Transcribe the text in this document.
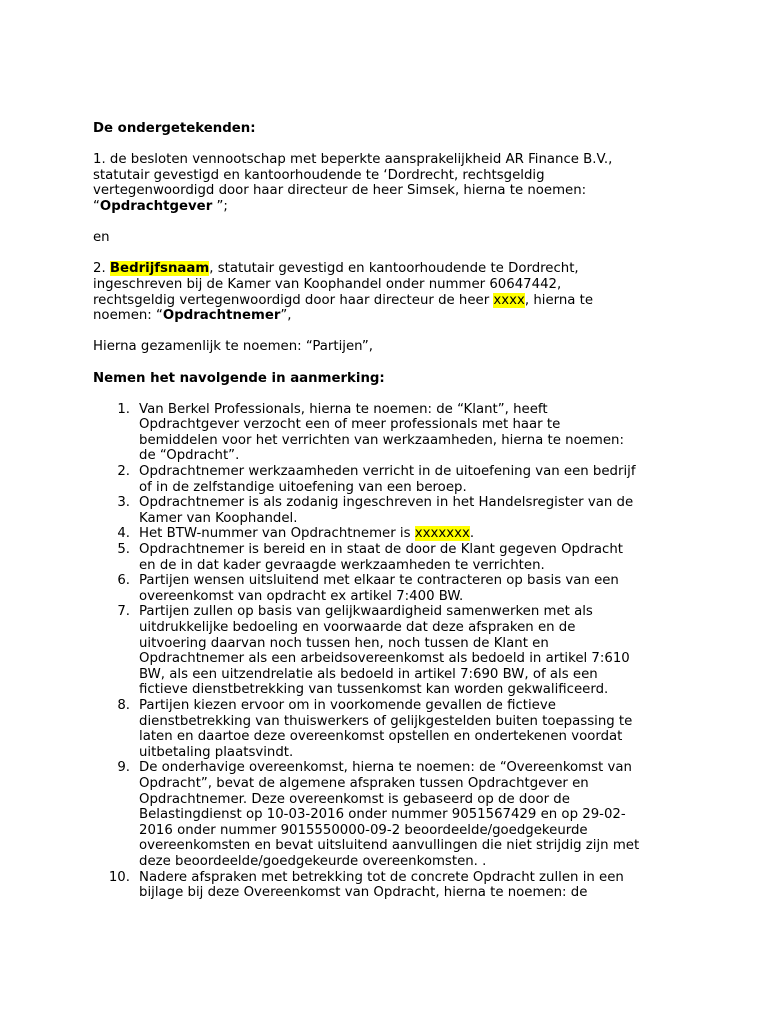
De ondergetekenden:

1. de besloten vennootschap met beperkte aansprakelijkheid AR Finance B.V.,
statutair gevestigd en kantoorhoudende te ‘Dordrecht, rechtsgeldig
vertegenwoordigd door haar directeur de heer Simsek, hierna te noemen:
“Opdrachtgever ”;

en

2. Bedrijfsnaam, statutair gevestigd en kantoorhoudende te Dordrecht,
ingeschreven bij de Kamer van Koophandel onder nummer 60647442,
rechtsgeldig vertegenwoordigd door haar directeur de heer xxxx, hierna te
noemen: “Opdrachtnemer”,

Hierna gezamenlijk te noemen: “Partijen”,

Nemen het navolgende in aanmerking:

1. Van Berkel Professionals, hierna te noemen: de “Klant”, heeft
Opdrachtgever verzocht een of meer professionals met haar te
bemiddelen voor het verrichten van werkzaamheden, hierna te noemen:
de “Opdracht”.
2. Opdrachtnemer werkzaamheden verricht in de uitoefening van een bedrijf
of in de zelfstandige uitoefening van een beroep.
3. Opdrachtnemer is als zodanig ingeschreven in het Handelsregister van de
Kamer van Koophandel.
4. Het BTW-nummer van Opdrachtnemer is xxxxxxx.
5. Opdrachtnemer is bereid en in staat de door de Klant gegeven Opdracht
en de in dat kader gevraagde werkzaamheden te verrichten.
6. Partijen wensen uitsluitend met elkaar te contracteren op basis van een
overeenkomst van opdracht ex artikel 7:400 BW.
7. Partijen zullen op basis van gelijkwaardigheid samenwerken met als
uitdrukkelijke bedoeling en voorwaarde dat deze afspraken en de
uitvoering daarvan noch tussen hen, noch tussen de Klant en
Opdrachtnemer als een arbeidsovereenkomst als bedoeld in artikel 7:610
BW, als een uitzendrelatie als bedoeld in artikel 7:690 BW, of als een
fictieve dienstbetrekking van tussenkomst kan worden gekwalificeerd.
8. Partijen kiezen ervoor om in voorkomende gevallen de fictieve
dienstbetrekking van thuiswerkers of gelijkgestelden buiten toepassing te
laten en daartoe deze overeenkomst opstellen en ondertekenen voordat
uitbetaling plaatsvindt.
9. De onderhavige overeenkomst, hierna te noemen: de “Overeenkomst van
Opdracht”, bevat de algemene afspraken tussen Opdrachtgever en
Opdrachtnemer. Deze overeenkomst is gebaseerd op de door de
Belastingdienst op 10-03-2016 onder nummer 9051567429 en op 29-02-
2016 onder nummer 9015550000-09-2 beoordeelde/goedgekeurde
overeenkomsten en bevat uitsluitend aanvullingen die niet strijdig zijn met
deze beoordeelde/goedgekeurde overeenkomsten. .
10. Nadere afspraken met betrekking tot de concrete Opdracht zullen in een
bijlage bij deze Overeenkomst van Opdracht, hierna te noemen: de
